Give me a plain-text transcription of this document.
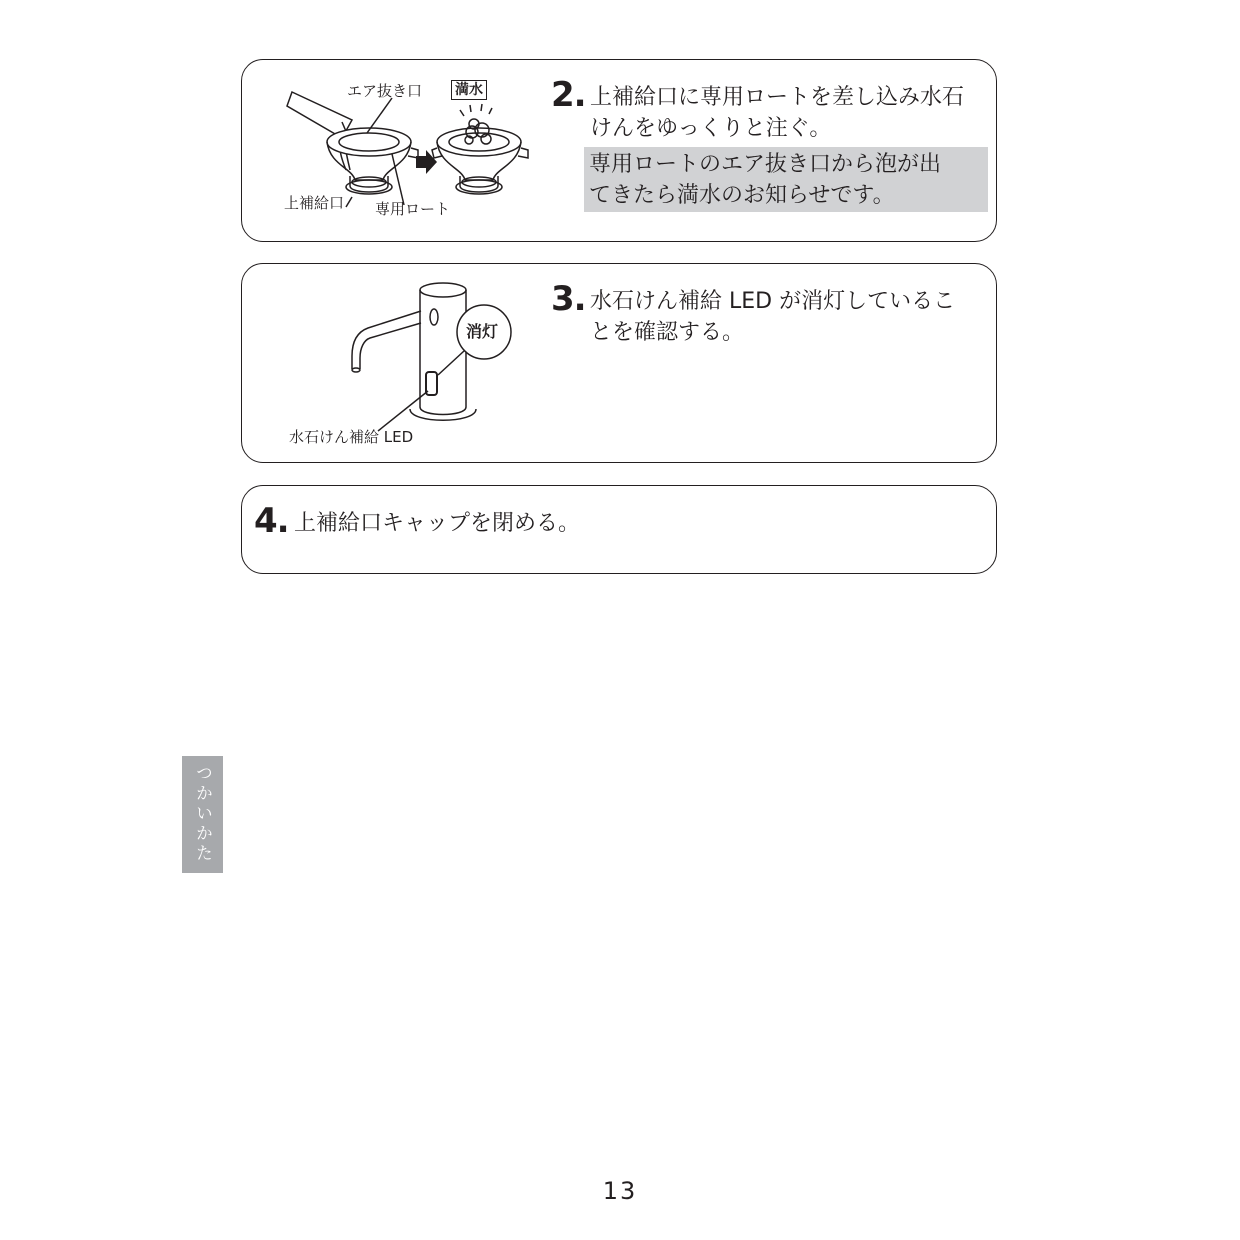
エア抜き口 満水
上補給口 専用ロート
2. 上補給口に専用ロートを差し込み水石
けんをゆっくりと注ぐ。
専用ロートのエア抜き口から泡が出
てきたら満水のお知らせです。
消灯
水石けん補給 LED
3. 水石けん補給 LED が消灯しているこ
とを確認する。
4. 上補給口キャップを閉める。
つかいかた
13
